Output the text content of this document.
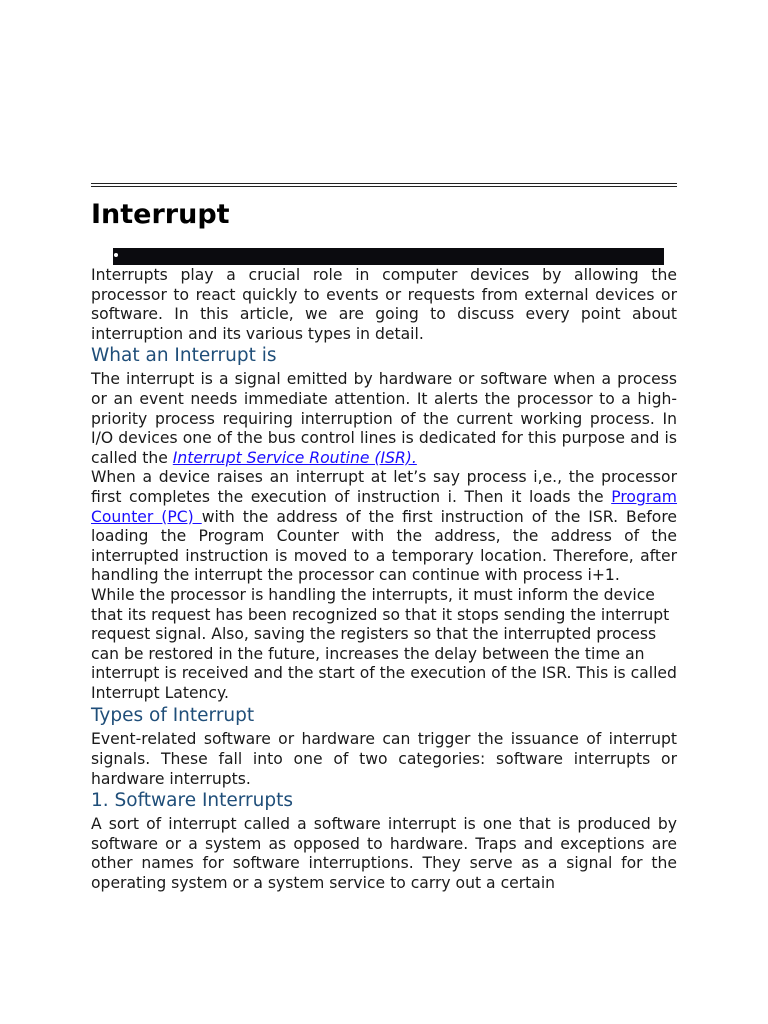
Interrupt

Interrupts play a crucial role in computer devices by allowing the processor to react quickly to events or requests from external devices or software. In this article, we are going to discuss every point about interruption and its various types in detail.

What an Interrupt is

The interrupt is a signal emitted by hardware or software when a process or an event needs immediate attention. It alerts the processor to a high-priority process requiring interruption of the current working process. In I/O devices one of the bus control lines is dedicated for this purpose and is called the Interrupt Service Routine (ISR).

When a device raises an interrupt at let’s say process i,e., the processor first completes the execution of instruction i. Then it loads the Program Counter (PC) with the address of the first instruction of the ISR. Before loading the Program Counter with the address, the address of the interrupted instruction is moved to a temporary location. Therefore, after handling the interrupt the processor can continue with process i+1.

While the processor is handling the interrupts, it must inform the device that its request has been recognized so that it stops sending the interrupt request signal. Also, saving the registers so that the interrupted process can be restored in the future, increases the delay between the time an interrupt is received and the start of the execution of the ISR. This is called Interrupt Latency.

Types of Interrupt

Event-related software or hardware can trigger the issuance of interrupt signals. These fall into one of two categories: software interrupts or hardware interrupts.

1. Software Interrupts

A sort of interrupt called a software interrupt is one that is produced by software or a system as opposed to hardware. Traps and exceptions are other names for software interruptions. They serve as a signal for the operating system or a system service to carry out a certain
